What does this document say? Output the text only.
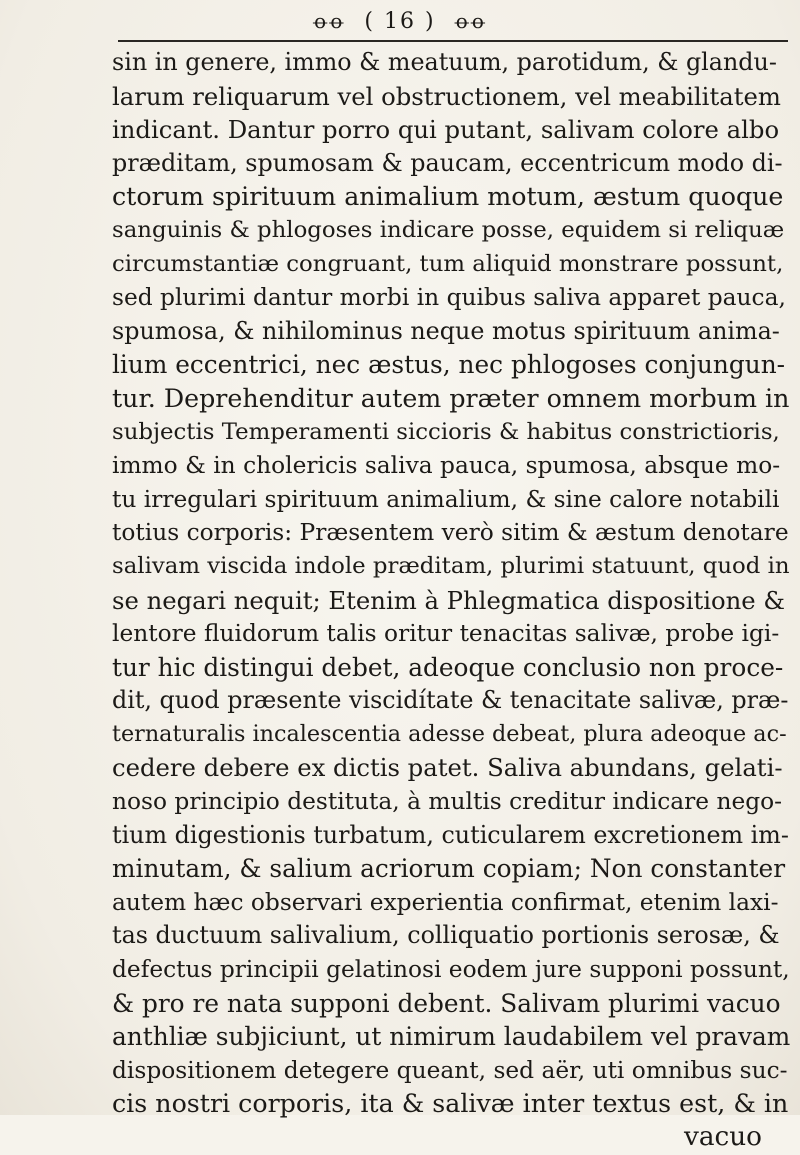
ꝋꝋ ( 16 ) ꝋꝋ
sin in genere, immo & meatuum, parotidum, & glandu-
larum reliquarum vel obstructionem, vel meabilitatem
indicant. Dantur porro qui putant, salivam colore albo
præditam, spumosam & paucam, eccentricum modo di-
ctorum spirituum animalium motum, æstum quoque
sanguinis & phlogoses indicare posse, equidem si reliquæ
circumstantiæ congruant, tum aliquid monstrare possunt,
sed plurimi dantur morbi in quibus saliva apparet pauca,
spumosa, & nihilominus neque motus spirituum anima-
lium eccentrici, nec æstus, nec phlogoses conjungun-
tur. Deprehenditur autem præter omnem morbum in
subjectis Temperamenti siccioris & habitus constrictioris,
immo & in cholericis saliva pauca, spumosa, absque mo-
tu irregulari spirituum animalium, & sine calore notabili
totius corporis: Præsentem verò sitim & æstum denotare
salivam viscida indole præditam, plurimi statuunt, quod in
se negari nequit; Etenim à Phlegmatica dispositione &
lentore fluidorum talis oritur tenacitas salivæ, probe igi-
tur hic distingui debet, adeoque conclusio non proce-
dit, quod præsente viscidítate & tenacitate salivæ, præ-
ternaturalis incalescentia adesse debeat, plura adeoque ac-
cedere debere ex dictis patet. Saliva abundans, gelati-
noso principio destituta, à multis creditur indicare nego-
tium digestionis turbatum, cuticularem excretionem im-
minutam, & salium acriorum copiam; Non constanter
autem hæc observari experientia confirmat, etenim laxi-
tas ductuum salivalium, colliquatio portionis serosæ, &
defectus principii gelatinosi eodem jure supponi possunt,
& pro re nata supponi debent. Salivam plurimi vacuo
anthliæ subjiciunt, ut nimirum laudabilem vel pravam
dispositionem detegere queant, sed aër, uti omnibus suc-
cis nostri corporis, ita & salivæ inter textus est, & in
vacuo
